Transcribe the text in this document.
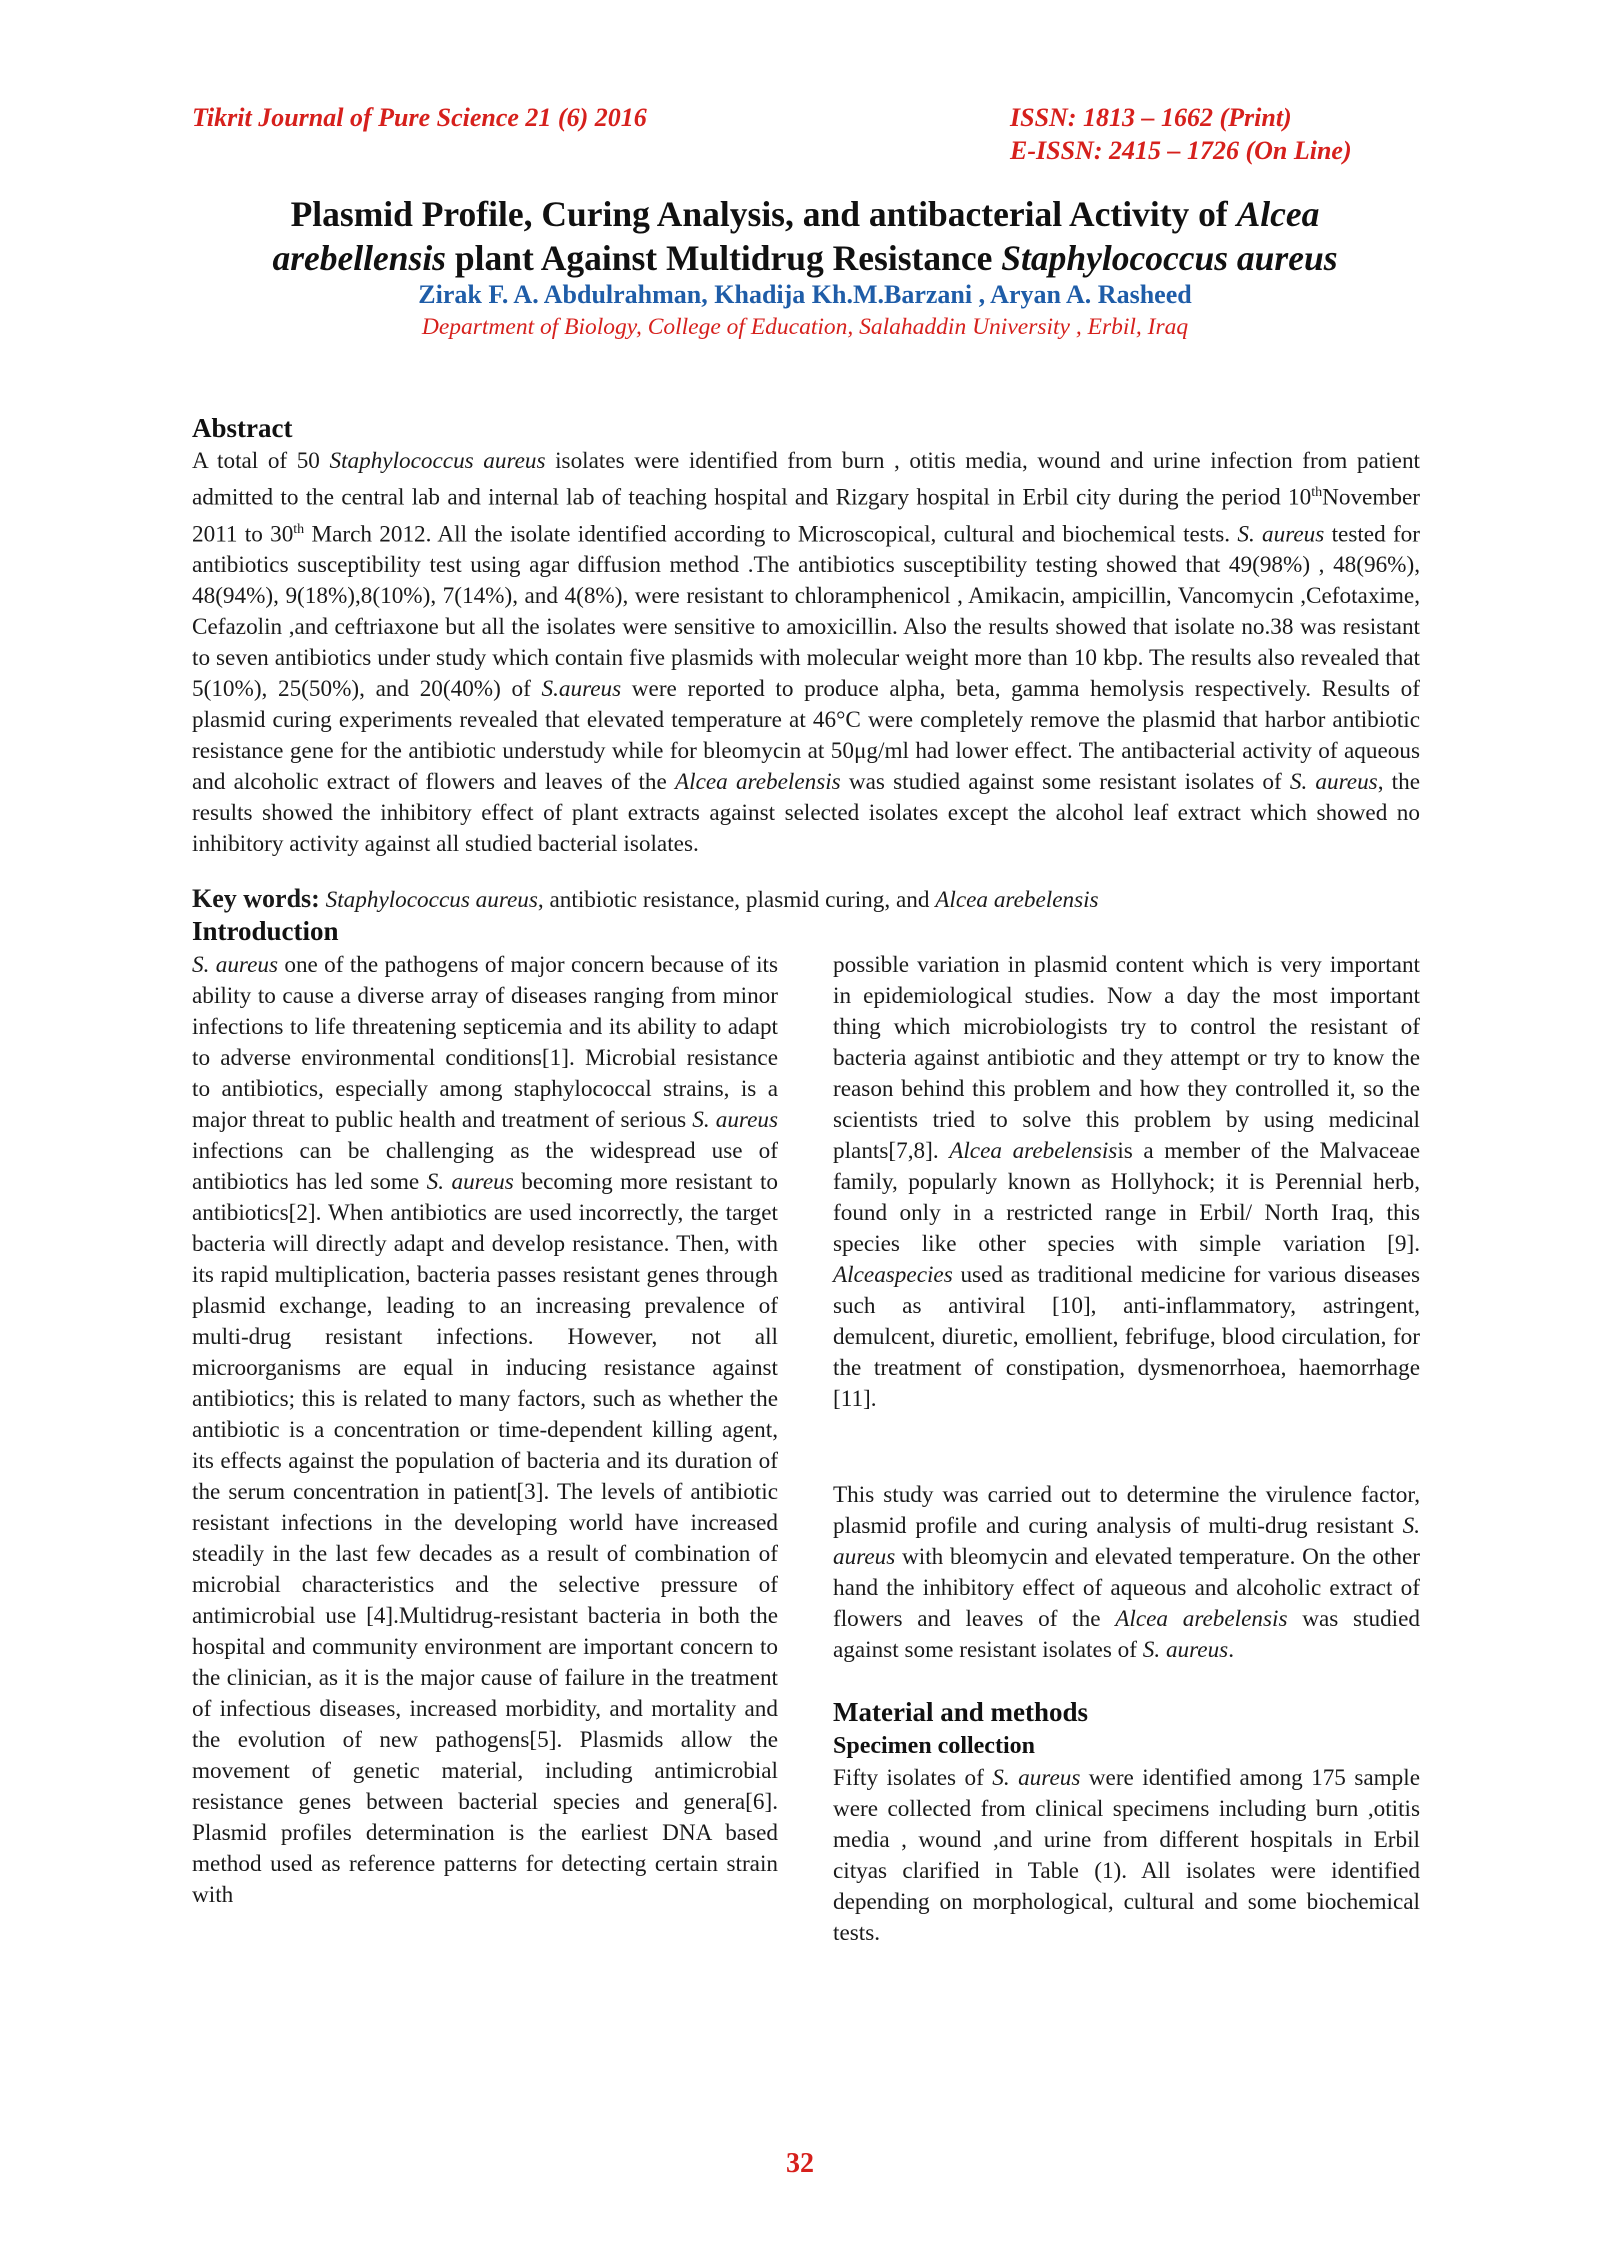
Tikrit Journal of Pure Science 21 (6) 2016	ISSN: 1813 – 1662 (Print)
E-ISSN: 2415 – 1726 (On Line)
Plasmid Profile, Curing Analysis, and antibacterial Activity of Alcea
arebellensis plant Against Multidrug Resistance Staphylococcus aureus
Zirak F. A. Abdulrahman, Khadija Kh.M.Barzani , Aryan A. Rasheed
Department of Biology, College of Education, Salahaddin University , Erbil, Iraq
Abstract

A total of 50 Staphylococcus aureus isolates were identified from burn , otitis media, wound and urine infection from patient admitted to the central lab and internal lab of teaching hospital and Rizgary hospital in Erbil city during the period 10thNovember 2011 to 30th March 2012. All the isolate identified according to Microscopical, cultural and biochemical tests. S. aureus tested for antibiotics susceptibility test using agar diffusion method .The antibiotics susceptibility testing showed that 49(98%) , 48(96%), 48(94%), 9(18%),8(10%), 7(14%), and 4(8%), were resistant to chloramphenicol , Amikacin, ampicillin, Vancomycin ,Cefotaxime, Cefazolin ,and ceftriaxone but all the isolates were sensitive to amoxicillin. Also the results showed that isolate no.38 was resistant to seven antibiotics under study which contain five plasmids with molecular weight more than 10 kbp. The results also revealed that 5(10%), 25(50%), and 20(40%) of S.aureus were reported to produce alpha, beta, gamma hemolysis respectively. Results of plasmid curing experiments revealed that elevated temperature at 46°C were completely remove the plasmid that harbor antibiotic resistance gene for the antibiotic understudy while for bleomycin at 50μg/ml had lower effect. The antibacterial activity of aqueous and alcoholic extract of flowers and leaves of the Alcea arebelensis was studied against some resistant isolates of S. aureus, the results showed the inhibitory effect of plant extracts against selected isolates except the alcohol leaf extract which showed no inhibitory activity against all studied bacterial isolates.

Key words: Staphylococcus aureus, antibiotic resistance, plasmid curing, and Alcea arebelensis
Introduction

S. aureus one of the pathogens of major concern because of its ability to cause a diverse array of diseases ranging from minor infections to life threatening septicemia and its ability to adapt to adverse environmental conditions[1]. Microbial resistance to antibiotics, especially among staphylococcal strains, is a major threat to public health and treatment of serious S. aureus infections can be challenging as the widespread use of antibiotics has led some S. aureus becoming more resistant to antibiotics[2]. When antibiotics are used incorrectly, the target bacteria will directly adapt and develop resistance. Then, with its rapid multiplication, bacteria passes resistant genes through plasmid exchange, leading to an increasing prevalence of multi-drug resistant infections. However, not all microorganisms are equal in inducing resistance against antibiotics; this is related to many factors, such as whether the antibiotic is a concentration or time-dependent killing agent, its effects against the population of bacteria and its duration of the serum concentration in patient[3]. The levels of antibiotic resistant infections in the developing world have increased steadily in the last few decades as a result of combination of microbial characteristics and the selective pressure of antimicrobial use [4].Multidrug-resistant bacteria in both the hospital and community environment are important concern to the clinician, as it is the major cause of failure in the treatment of infectious diseases, increased morbidity, and mortality and the evolution of new pathogens[5]. Plasmids allow the movement of genetic material, including antimicrobial resistance genes between bacterial species and genera[6]. Plasmid profiles determination is the earliest DNA based method used as reference patterns for detecting certain strain with

possible variation in plasmid content which is very important in epidemiological studies. Now a day the most important thing which microbiologists try to control the resistant of bacteria against antibiotic and they attempt or try to know the reason behind this problem and how they controlled it, so the scientists tried to solve this problem by using medicinal plants[7,8]. Alcea arebelensisis a member of the Malvaceae family, popularly known as Hollyhock; it is Perennial herb, found only in a restricted range in Erbil/ North Iraq, this species like other species with simple variation [9]. Alceaspecies used as traditional medicine for various diseases such as antiviral [10], anti-inflammatory, astringent, demulcent, diuretic, emollient, febrifuge, blood circulation, for the treatment of constipation, dysmenorrhoea, haemorrhage [11].

This study was carried out to determine the virulence factor, plasmid profile and curing analysis of multi-drug resistant S. aureus with bleomycin and elevated temperature. On the other hand the inhibitory effect of aqueous and alcoholic extract of flowers and leaves of the Alcea arebelensis was studied against some resistant isolates of S. aureus.

Material and methods
Specimen collection

Fifty isolates of S. aureus were identified among 175 sample were collected from clinical specimens including burn ,otitis media , wound ,and urine from different hospitals in Erbil cityas clarified in Table (1). All isolates were identified depending on morphological, cultural and some biochemical tests.

32
